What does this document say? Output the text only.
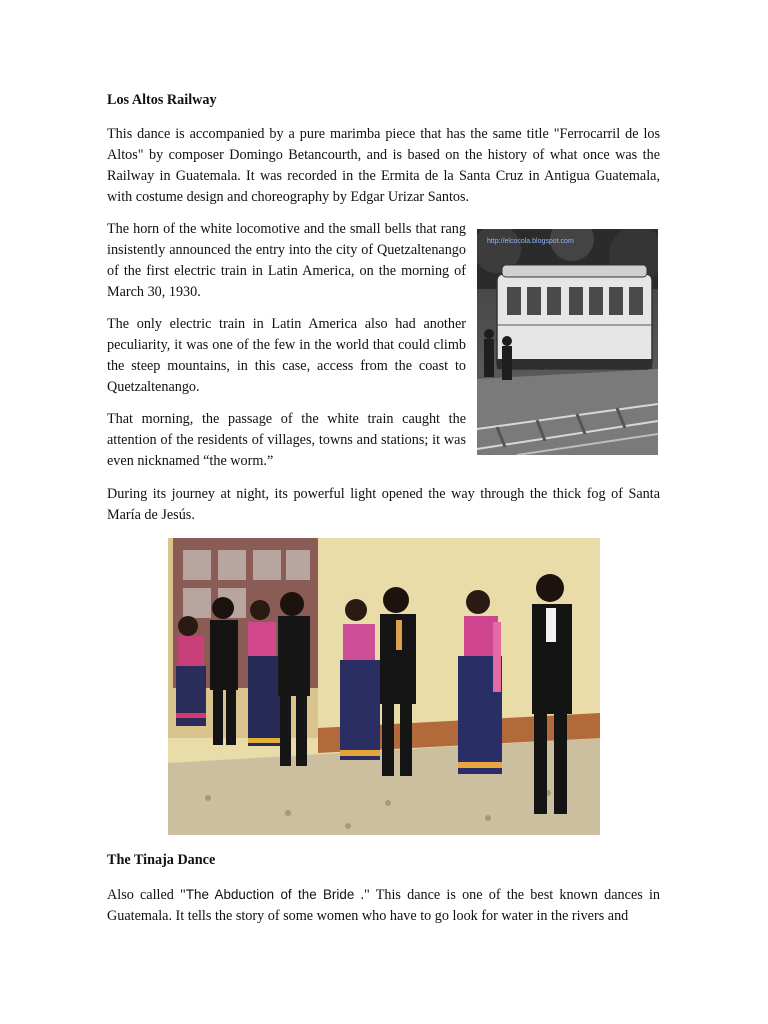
Los Altos Railway

This dance is accompanied by a pure marimba piece that has the same title "Ferrocarril de los Altos" by composer Domingo Betancourth, and is based on the history of what once was the Railway in Guatemala. It was recorded in the Ermita de la Santa Cruz in Antigua Guatemala, with costume design and choreography by Edgar Urizar Santos.

The horn of the white locomotive and the small bells that rang insistently announced the entry into the city of Quetzaltenango of the first electric train in Latin America, on the morning of March 30, 1930.

The only electric train in Latin America also had another peculiarity, it was one of the few in the world that could climb the steep mountains, in this case, access from the coast to Quetzaltenango.

That morning, the passage of the white train caught the attention of the residents of villages, towns and stations; it was even nicknamed “the worm.”

During its journey at night, its powerful light opened the way through the thick fog of Santa María de Jesús.

http://elcocola.blogspot.com
The Tinaja Dance

Also called "The Abduction of the Bride ." This dance is one of the best known dances in Guatemala. It tells the story of some women who have to go look for water in the rivers and
